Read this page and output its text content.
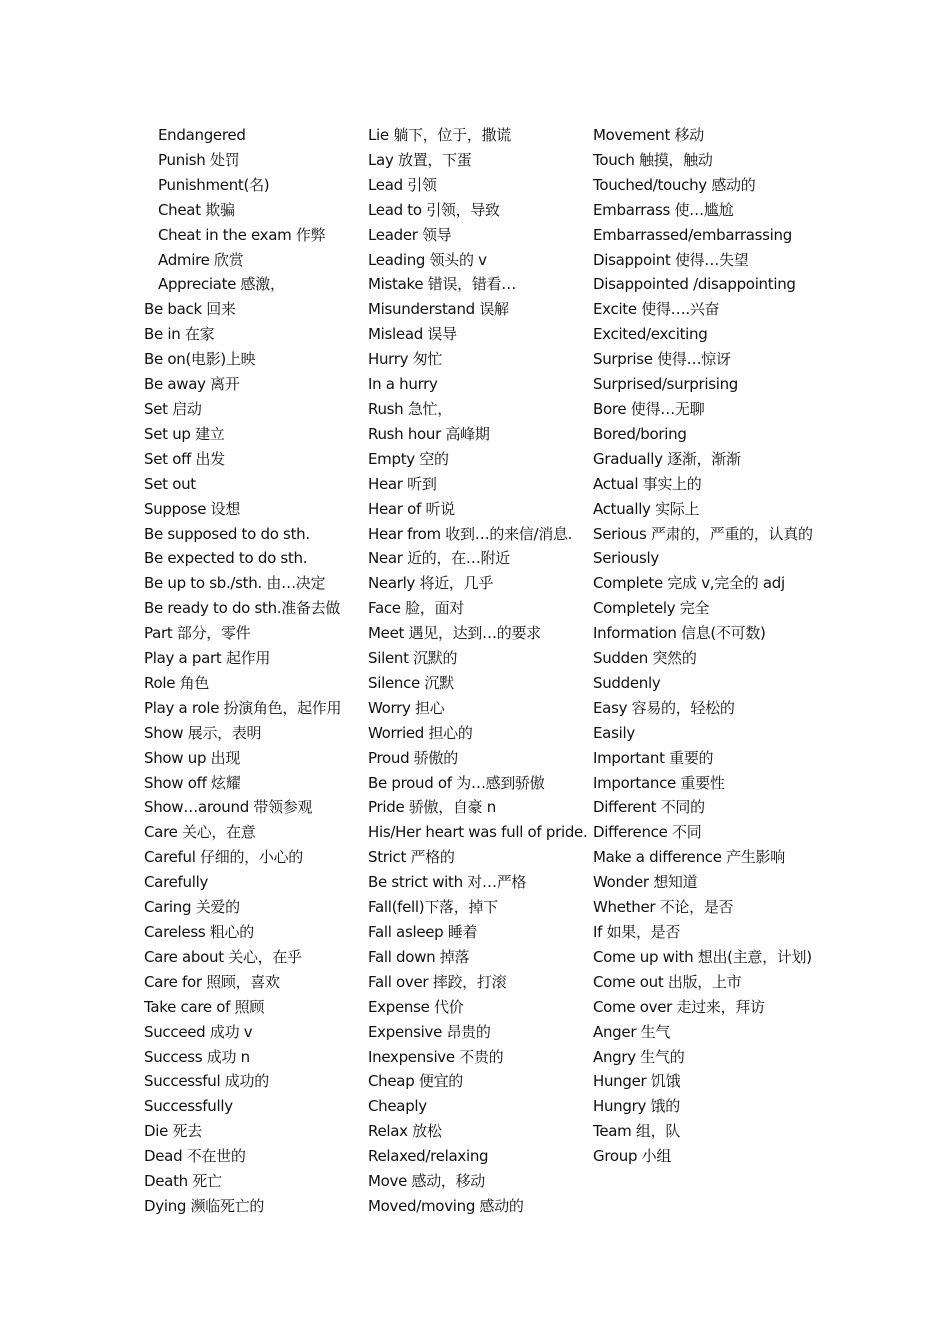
Endangered
Punish 处罚
Punishment(名)
Cheat 欺骗
Cheat in the exam 作弊
Admire 欣赏
Appreciate 感激，
Be back 回来
Be in 在家
Be on(电影)上映
Be away 离开
Set 启动
Set up 建立
Set off 出发
Set out
Suppose 设想
Be supposed to do sth.
Be expected to do sth.
Be up to sb./sth. 由…决定
Be ready to do sth.准备去做
Part 部分，零件
Play a part 起作用
Role 角色
Play a role 扮演角色，起作用
Show 展示，表明
Show up 出现
Show off 炫耀
Show…around 带领参观
Care 关心，在意
Careful 仔细的，小心的
Carefully
Caring 关爱的
Careless 粗心的
Care about 关心，在乎
Care for 照顾，喜欢
Take care of 照顾
Succeed 成功 v
Success 成功 n
Successful 成功的
Successfully
Die 死去
Dead 不在世的
Death 死亡
Dying 濒临死亡的
Lie 躺下，位于，撒谎
Lay 放置，下蛋
Lead 引领
Lead to 引领，导致
Leader 领导
Leading 领头的 v
Mistake 错误，错看…
Misunderstand 误解
Mislead 误导
Hurry 匆忙
In a hurry
Rush 急忙，
Rush hour 高峰期
Empty 空的
Hear 听到
Hear of 听说
Hear from 收到…的来信/消息.
Near 近的，在…附近
Nearly 将近，几乎
Face 脸，面对
Meet 遇见，达到…的要求
Silent 沉默的
Silence 沉默
Worry 担心
Worried 担心的
Proud 骄傲的
Be proud of 为…感到骄傲
Pride 骄傲，自豪 n
His/Her heart was full of pride.
Strict 严格的
Be strict with 对…严格
Fall(fell)下落，掉下
Fall asleep 睡着
Fall down 掉落
Fall over 摔跤，打滚
Expense 代价
Expensive 昂贵的
Inexpensive 不贵的
Cheap 便宜的
Cheaply
Relax 放松
Relaxed/relaxing
Move 感动，移动
Moved/moving 感动的
Movement 移动
Touch 触摸，触动
Touched/touchy 感动的
Embarrass 使…尴尬
Embarrassed/embarrassing
Disappoint 使得…失望
Disappointed /disappointing
Excite 使得….兴奋
Excited/exciting
Surprise 使得…惊讶
Surprised/surprising
Bore 使得…无聊
Bored/boring
Gradually 逐渐，渐渐
Actual 事实上的
Actually 实际上
Serious 严肃的，严重的，认真的
Seriously
Complete 完成 v,完全的 adj
Completely 完全
Information 信息(不可数)
Sudden 突然的
Suddenly
Easy 容易的，轻松的
Easily
Important 重要的
Importance 重要性
Different 不同的
Difference 不同
Make a difference 产生影响
Wonder 想知道
Whether 不论，是否
If 如果，是否
Come up with 想出(主意，计划)
Come out 出版，上市
Come over 走过来，拜访
Anger 生气
Angry 生气的
Hunger 饥饿
Hungry 饿的
Team 组，队
Group 小组
